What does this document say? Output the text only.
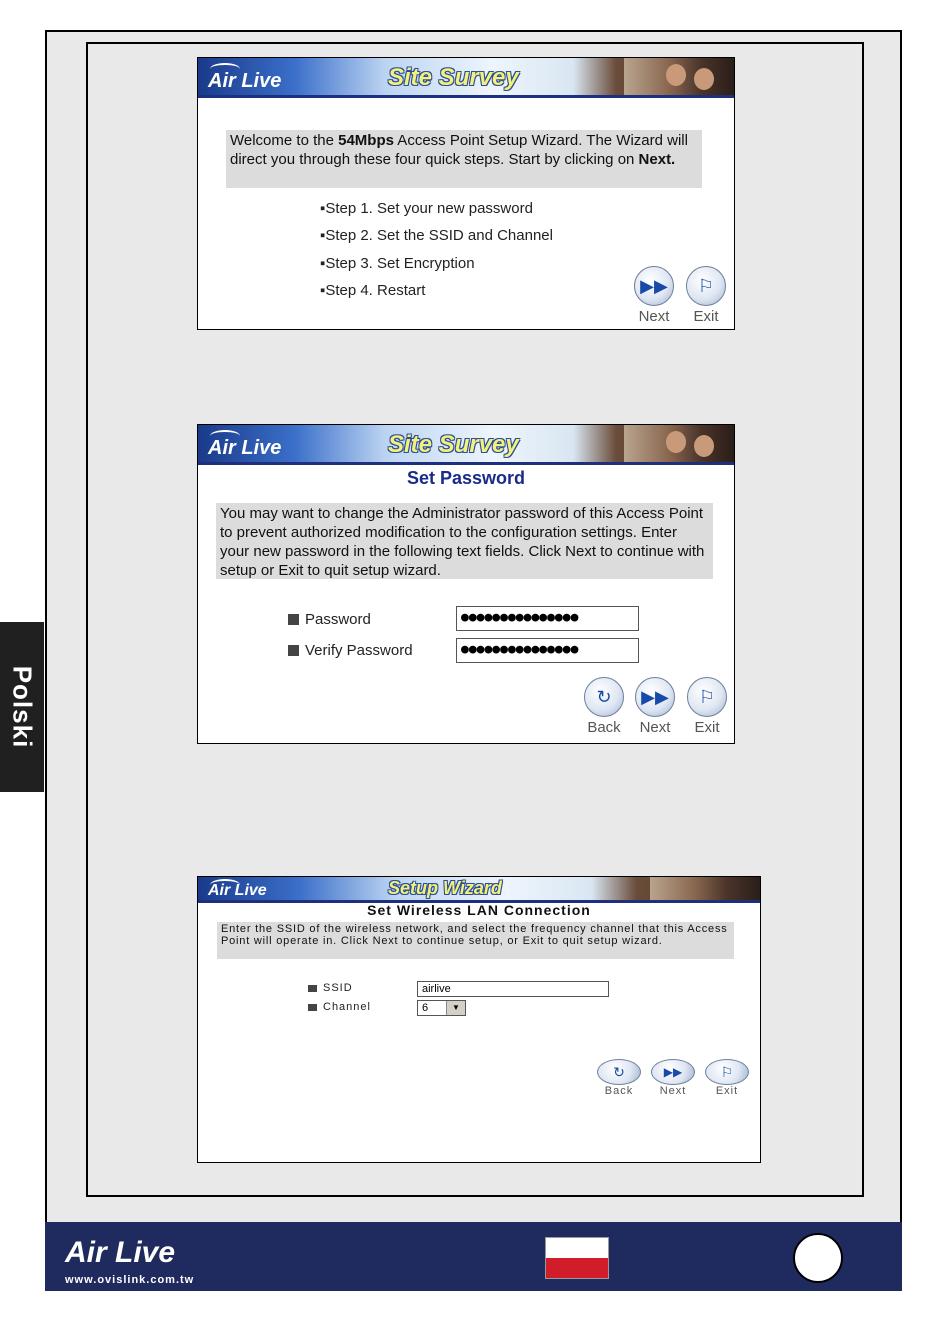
Air Live	Site Survey
Welcome to the 54Mbps Access Point Setup Wizard. The Wizard will direct you through these four quick steps. Start by clicking on Next.
▪Step 1. Set your new password
▪Step 2. Set the SSID and Channel
▪Step 3. Set Encryption
▪Step 4. Restart	▶▶
Next
⚐
Exit
Air Live	Site Survey
Set Password
You may want to change the Administrator password of this Access Point to prevent authorized modification to the configuration settings. Enter your new password in the following text fields. Click Next to continue with setup or Exit to quit setup wizard.
Password	●●●●●●●●●●●●●●●
Verify Password	●●●●●●●●●●●●●●●
↻
Back
▶▶
Next
⚐
Exit
Air Live	Setup Wizard
Set Wireless LAN Connection
Enter the SSID of the wireless network, and select the frequency channel that this Access Point will operate in. Click Next to continue setup, or Exit to quit setup wizard.
SSID	airlive
Channel	6	▼
↻
Back
▶▶
Next
⚐
Exit
Polski
Air Live
www.ovislink.com.tw
